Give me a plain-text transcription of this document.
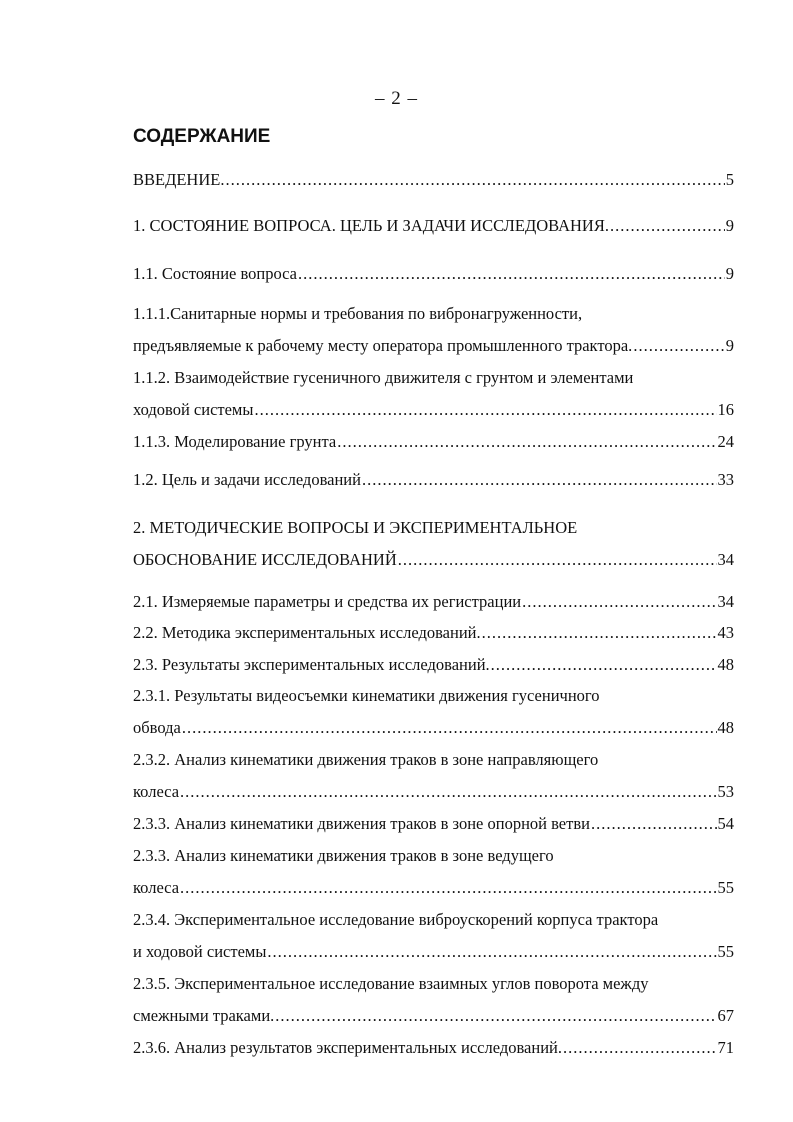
– 2 –
СОДЕРЖАНИЕ
ВВЕДЕНИЕ. .....	5
1. СОСТОЯНИЕ ВОПРОСА. ЦЕЛЬ И ЗАДАЧИ ИССЛЕДОВАНИЯ. .....	9
1.1. Состояние вопроса .....	9
1.1.1.Санитарные нормы и требования по вибронагруженности,
предъявляемые к рабочему месту оператора промышленного трактора. .....	9
1.1.2. Взаимодействие гусеничного движителя с грунтом и элементами
ходовой системы .....	16
1.1.3. Моделирование грунта .....	24
1.2. Цель и задачи исследований .....	33
2. МЕТОДИЧЕСКИЕ ВОПРОСЫ И ЭКСПЕРИМЕНТАЛЬНОЕ
ОБОСНОВАНИЕ ИССЛЕДОВАНИЙ .....	34
2.1. Измеряемые параметры и средства их регистрации .....	34
2.2. Методика экспериментальных исследований. .....	43
2.3. Результаты экспериментальных исследований. .....	48
2.3.1. Результаты видеосъемки кинематики движения гусеничного
обвода .....	48
2.3.2. Анализ кинематики движения траков в зоне направляющего
колеса .....	53
2.3.3. Анализ кинематики движения траков в зоне опорной ветви .....	54
2.3.3. Анализ кинематики движения траков в зоне ведущего
колеса .....	55
2.3.4. Экспериментальное исследование виброускорений корпуса трактора
и ходовой системы .....	55
2.3.5. Экспериментальное исследование взаимных углов поворота между
смежными траками. .....	67
2.3.6. Анализ результатов экспериментальных исследований. .....	71
